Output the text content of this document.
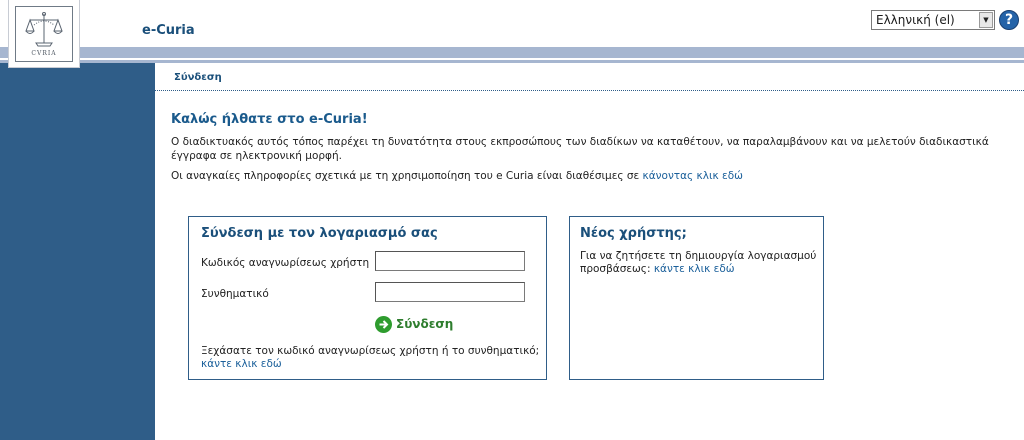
CVRIA
e-Curia
Ελληνική (el)	▼	?
Σύνδεση
Καλώς ήλθατε στο e-Curia!
Ο διαδικτυακός αυτός τόπος παρέχει τη δυνατότητα στους εκπροσώπους των διαδίκων να καταθέτουν, να παραλαμβάνουν και να μελετούν διαδικαστικά έγγραφα σε ηλεκτρονική μορφή.
Οι αναγκαίες πληροφορίες σχετικά με τη χρησιμοποίηση του e Curia είναι διαθέσιμες σε κάνοντας κλικ εδώ
Σύνδεση με τον λογαριασμό σας
Κωδικός αναγνωρίσεως χρήστη
Συνθηματικό
Σύνδεση
Ξεχάσατε τον κωδικό αναγνωρίσεως χρήστη ή το συνθηματικό;
κάντε κλικ εδώ
Νέος χρήστης;
Για να ζητήσετε τη δημιουργία λογαριασμού προσβάσεως: κάντε κλικ εδώ
